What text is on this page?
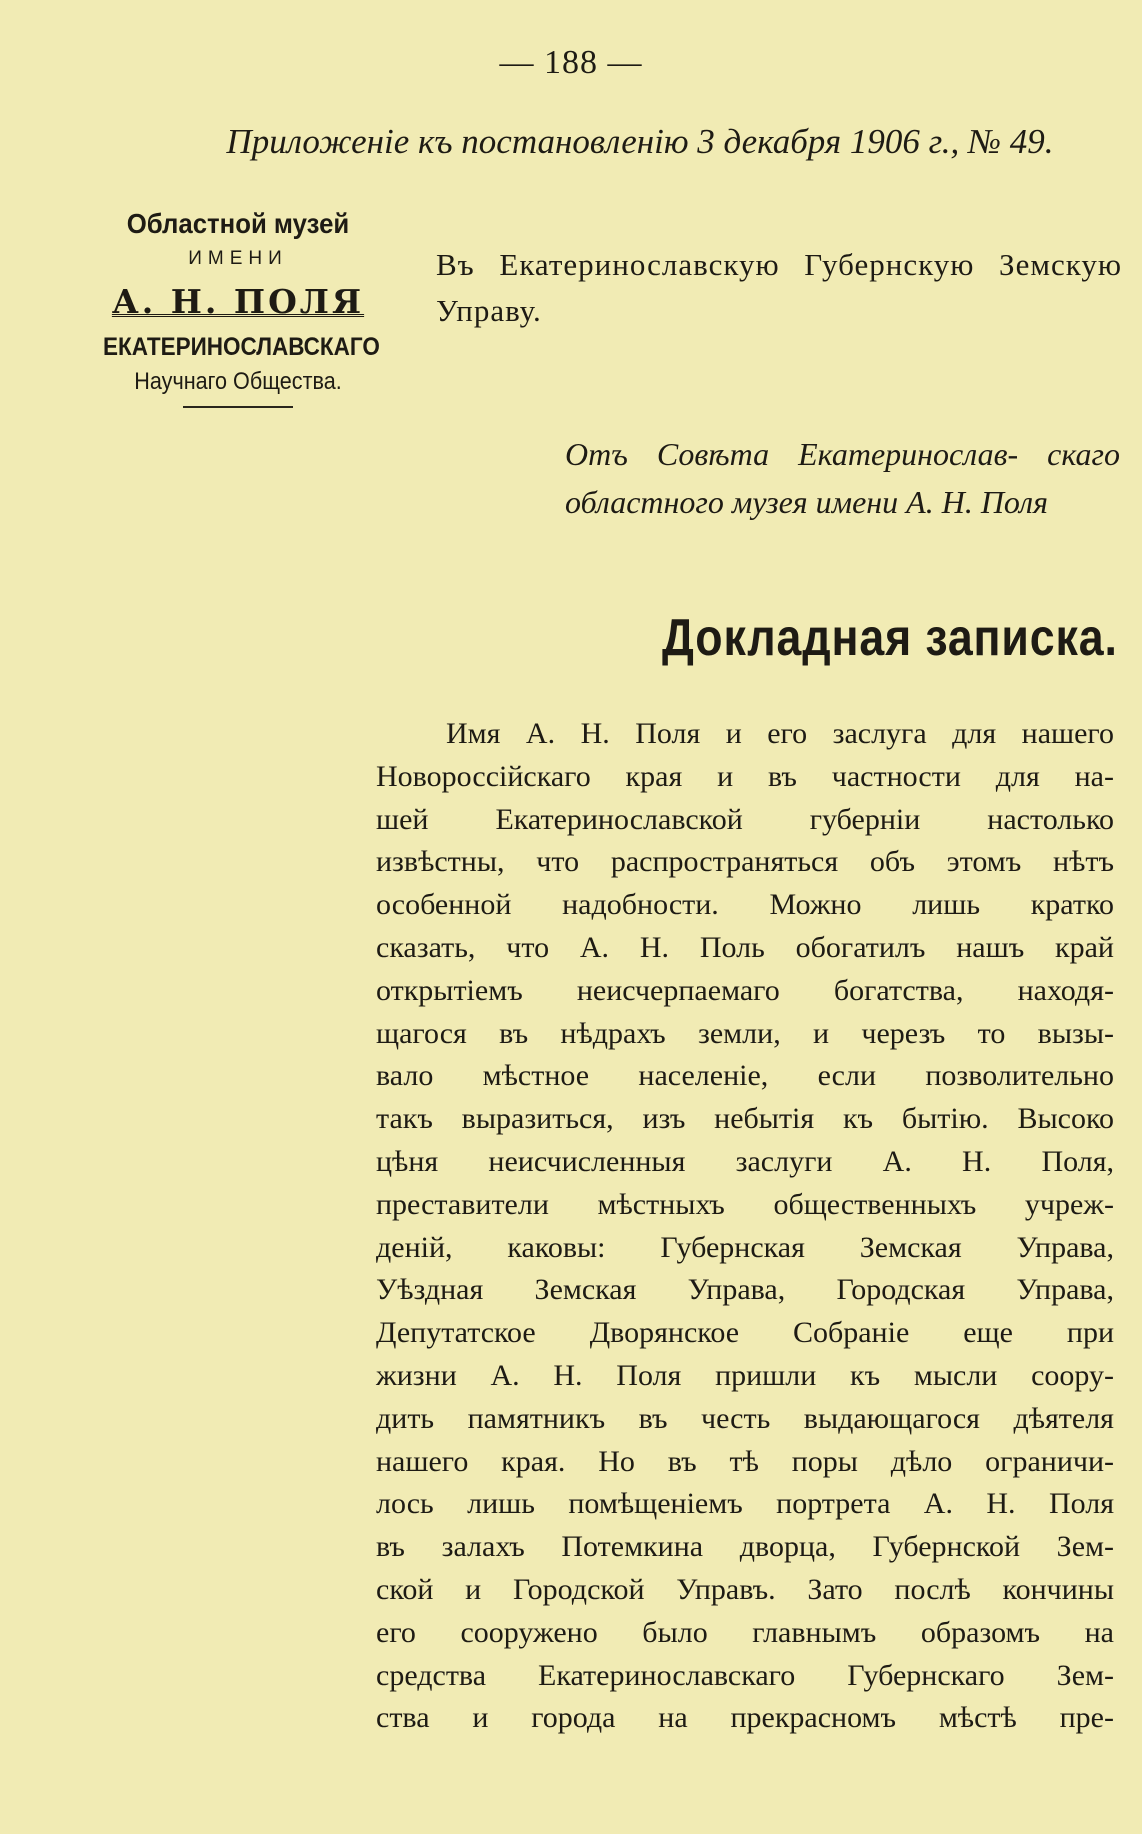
— 188 —
Приложеніе къ постановленію 3 декабря 1906 г., № 49.
Областной музей
ИМЕНИ
А. Н. ПОЛЯ
ЕКАТЕРИНОСЛАВСКАГО
Научнаго Общества.
Въ Екатеринославскую Губернскую Земскую Управу.
Отъ Совѣта Екатеринослав- скаго областного музея имени А. Н. Поля
Докладная записка.
Имя А. Н. Поля и его заслуга для нашего
Новороссійскаго края и въ частности для на-
шей Екатеринославской губерніи настолько
извѣстны, что распространяться объ этомъ нѣтъ
особенной надобности. Можно лишь кратко
сказать, что А. Н. Поль обогатилъ нашъ край
открытіемъ неисчерпаемаго богатства, находя-
щагося въ нѣдрахъ земли, и черезъ то вызы-
вало мѣстное населеніе, если позволительно
такъ выразиться, изъ небытія къ бытію. Высоко
цѣня неисчисленныя заслуги А. Н. Поля,
преставители мѣстныхъ общественныхъ учреж-
деній, каковы: Губернская Земская Управа,
Уѣздная Земская Управа, Городская Управа,
Депутатское Дворянское Собраніе еще при
жизни А. Н. Поля пришли къ мысли соору-
дить памятникъ въ честь выдающагося дѣятеля
нашего края. Но въ тѣ поры дѣло ограничи-
лось лишь помѣщеніемъ портрета А. Н. Поля
въ залахъ Потемкина дворца, Губернской Зем-
ской и Городской Управъ. Зато послѣ кончины
его сооружено было главнымъ образомъ на
средства Екатеринославскаго Губернскаго Зем-
ства и города на прекрасномъ мѣстѣ пре-
